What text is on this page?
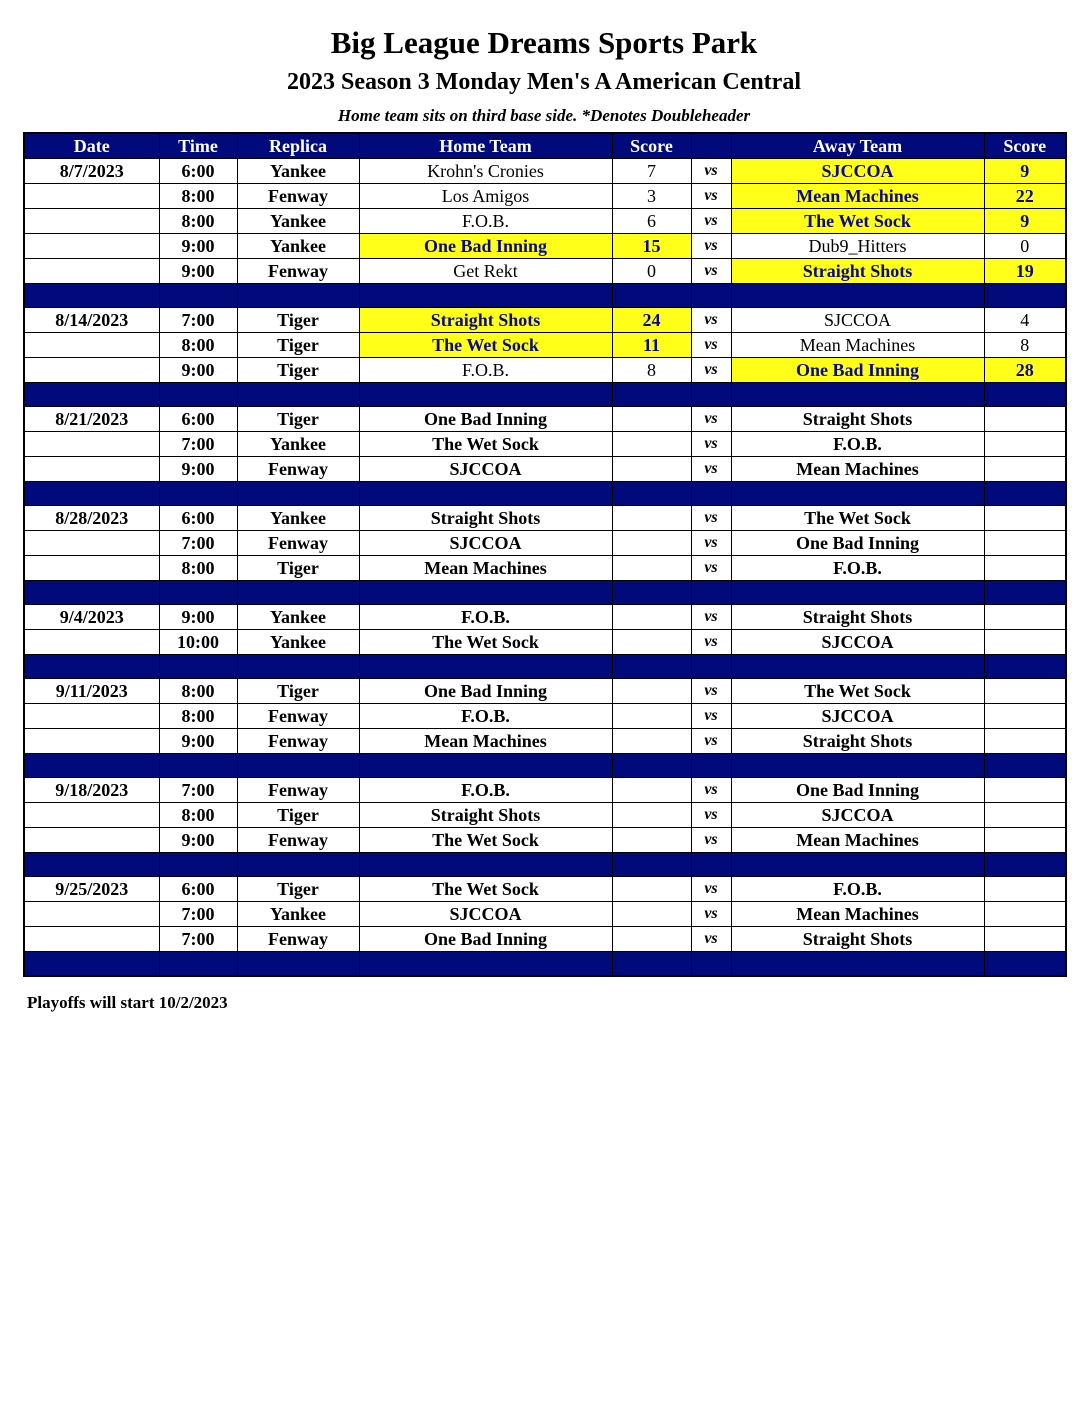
Big League Dreams Sports Park
2023 Season 3 Monday Men's A American Central
Home team sits on third base side. *Denotes Doubleheader
Date	Time	Replica	Home Team	Score		Away Team	Score
8/7/2023	6:00	Yankee	Krohn's Cronies	7	vs	SJCCOA	9
	8:00	Fenway	Los Amigos	3	vs	Mean Machines	22
	8:00	Yankee	F.O.B.	6	vs	The Wet Sock	9
	9:00	Yankee	One Bad Inning	15	vs	Dub9_Hitters	0
	9:00	Fenway	Get Rekt	0	vs	Straight Shots	19

8/14/2023	7:00	Tiger	Straight Shots	24	vs	SJCCOA	4
	8:00	Tiger	The Wet Sock	11	vs	Mean Machines	8
	9:00	Tiger	F.O.B.	8	vs	One Bad Inning	28

8/21/2023	6:00	Tiger	One Bad Inning		vs	Straight Shots	
	7:00	Yankee	The Wet Sock		vs	F.O.B.	
	9:00	Fenway	SJCCOA		vs	Mean Machines	

8/28/2023	6:00	Yankee	Straight Shots		vs	The Wet Sock	
	7:00	Fenway	SJCCOA		vs	One Bad Inning	
	8:00	Tiger	Mean Machines		vs	F.O.B.	

9/4/2023	9:00	Yankee	F.O.B.		vs	Straight Shots	
	10:00	Yankee	The Wet Sock		vs	SJCCOA	

9/11/2023	8:00	Tiger	One Bad Inning		vs	The Wet Sock	
	8:00	Fenway	F.O.B.		vs	SJCCOA	
	9:00	Fenway	Mean Machines		vs	Straight Shots	

9/18/2023	7:00	Fenway	F.O.B.		vs	One Bad Inning	
	8:00	Tiger	Straight Shots		vs	SJCCOA	
	9:00	Fenway	The Wet Sock		vs	Mean Machines	

9/25/2023	6:00	Tiger	The Wet Sock		vs	F.O.B.	
	7:00	Yankee	SJCCOA		vs	Mean Machines	
	7:00	Fenway	One Bad Inning		vs	Straight Shots	

Playoffs will start 10/2/2023
